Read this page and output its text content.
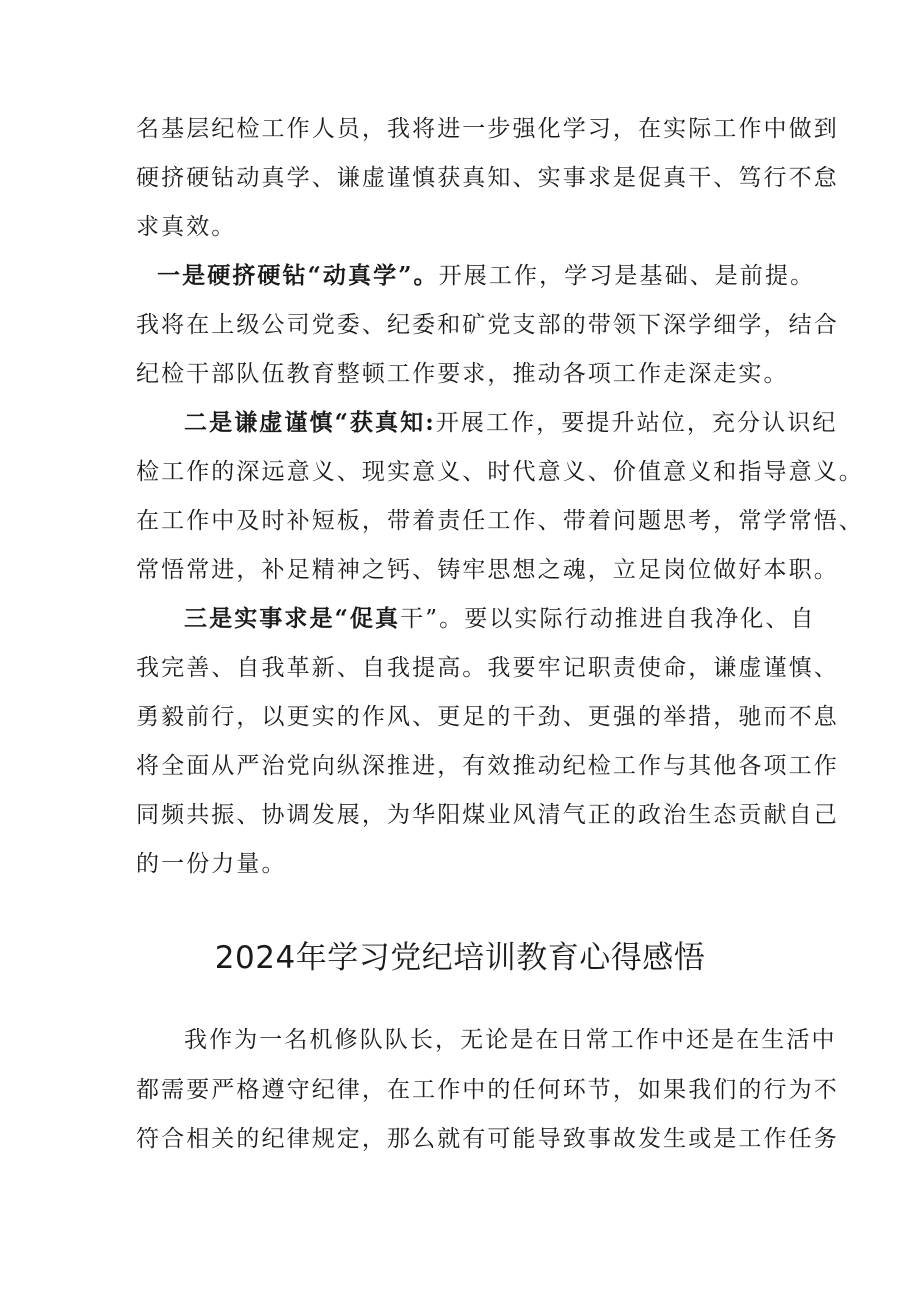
名基层纪检工作人员，我将进一步强化学习，在实际工作中做到
硬挤硬钻动真学、谦虚谨慎获真知、实事求是促真干、笃行不怠
求真效。
一是硬挤硬钻“动真学”。开展工作，学习是基础、是前提。
我将在上级公司党委、纪委和矿党支部的带领下深学细学，结合
纪检干部队伍教育整顿工作要求，推动各项工作走深走实。
二是谦虚谨慎“获真知:开展工作，要提升站位，充分认识纪
检工作的深远意义、现实意义、时代意义、价值意义和指导意义。
在工作中及时补短板，带着责任工作、带着问题思考，常学常悟、
常悟常进，补足精神之钙、铸牢思想之魂，立足岗位做好本职。
三是实事求是“促真干”。要以实际行动推进自我净化、自
我完善、自我革新、自我提高。我要牢记职责使命，谦虚谨慎、
勇毅前行，以更实的作风、更足的干劲、更强的举措，驰而不息
将全面从严治党向纵深推进，有效推动纪检工作与其他各项工作
同频共振、协调发展，为华阳煤业风清气正的政治生态贡献自己
的一份力量。
2024年学习党纪培训教育心得感悟
我作为一名机修队队长，无论是在日常工作中还是在生活中
都需要严格遵守纪律，在工作中的任何环节，如果我们的行为不
符合相关的纪律规定，那么就有可能导致事故发生或是工作任务
